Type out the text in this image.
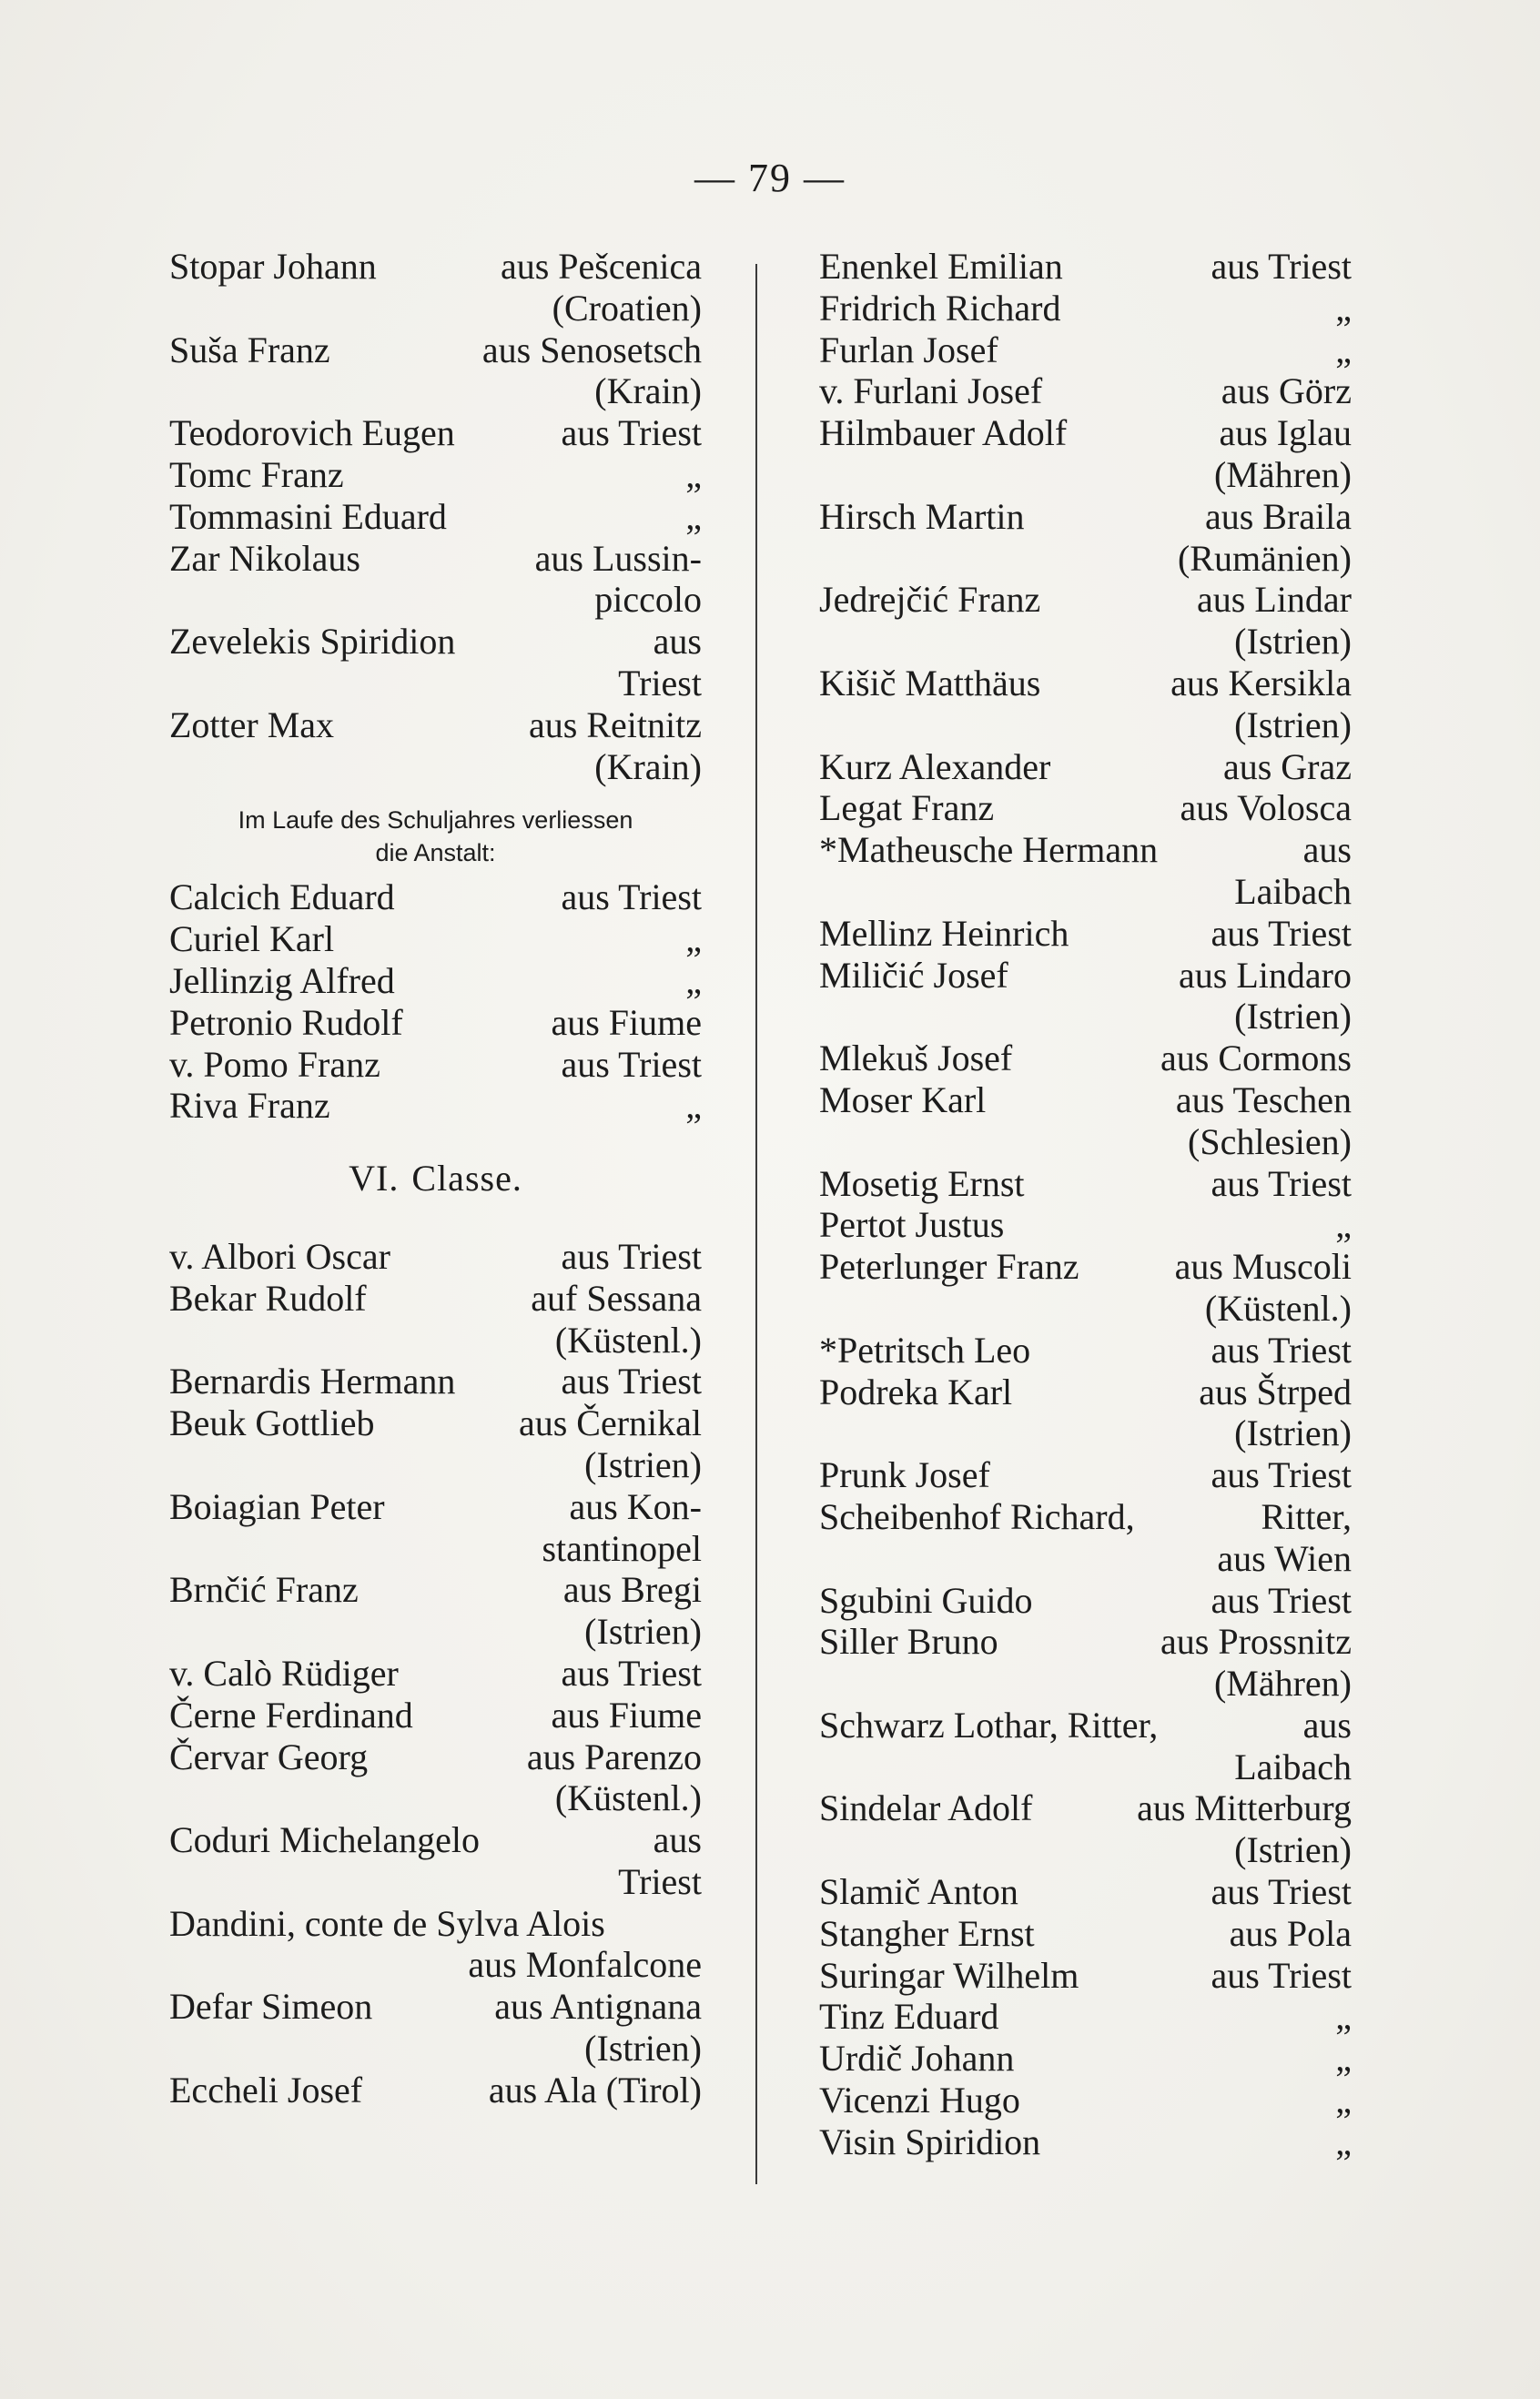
— 79 —
Stopar Johann	aus Pešcenica
(Croatien)
Suša Franz	aus Senosetsch
(Krain)
Teodorovich Eugen	aus Triest
Tomc Franz	„
Tommasini Eduard	„
Zar Nikolaus	aus Lussin-
piccolo
Zevelekis Spiridion	aus
Triest
Zotter Max	aus Reitnitz
(Krain)
Im Laufe des Schuljahres verliessen
die Anstalt:
Calcich Eduard	aus Triest
Curiel Karl	„
Jellinzig Alfred	„
Petronio Rudolf	aus Fiume
v. Pomo Franz	aus Triest
Riva Franz	„
VI. Classe.
v. Albori Oscar	aus Triest
Bekar Rudolf	auf Sessana
(Küstenl.)
Bernardis Hermann	aus Triest
Beuk Gottlieb	aus Černikal
(Istrien)
Boiagian Peter	aus Kon-
stantinopel
Brnčić Franz	aus Bregi
(Istrien)
v. Calò Rüdiger	aus Triest
Černe Ferdinand	aus Fiume
Červar Georg	aus Parenzo
(Küstenl.)
Coduri Michelangelo	aus
Triest
Dandini, conte de Sylva Alois
aus Monfalcone
Defar Simeon	aus Antignana
(Istrien)
Eccheli Josef	aus Ala (Tirol)
Enenkel Emilian	aus Triest
Fridrich Richard	„
Furlan Josef	„
v. Furlani Josef	aus Görz
Hilmbauer Adolf	aus Iglau
(Mähren)
Hirsch Martin	aus Braila
(Rumänien)
Jedrejčić Franz	aus Lindar
(Istrien)
Kišič Matthäus	aus Kersikla
(Istrien)
Kurz Alexander	aus Graz
Legat Franz	aus Volosca
*Matheusche Hermann	aus
Laibach
Mellinz Heinrich	aus Triest
Miličić Josef	aus Lindaro
(Istrien)
Mlekuš Josef	aus Cormons
Moser Karl	aus Teschen
(Schlesien)
Mosetig Ernst	aus Triest
Pertot Justus	„
Peterlunger Franz	aus Muscoli
(Küstenl.)
*Petritsch Leo	aus Triest
Podreka Karl	aus Štrped
(Istrien)
Prunk Josef	aus Triest
Scheibenhof Richard,	Ritter,
aus Wien
Sgubini Guido	aus Triest
Siller Bruno	aus Prossnitz
(Mähren)
Schwarz Lothar, Ritter,	aus
Laibach
Sindelar Adolf	aus Mitterburg
(Istrien)
Slamič Anton	aus Triest
Stangher Ernst	aus Pola
Suringar Wilhelm	aus Triest
Tinz Eduard	„
Urdič Johann	„
Vicenzi Hugo	„
Visin Spiridion	„
